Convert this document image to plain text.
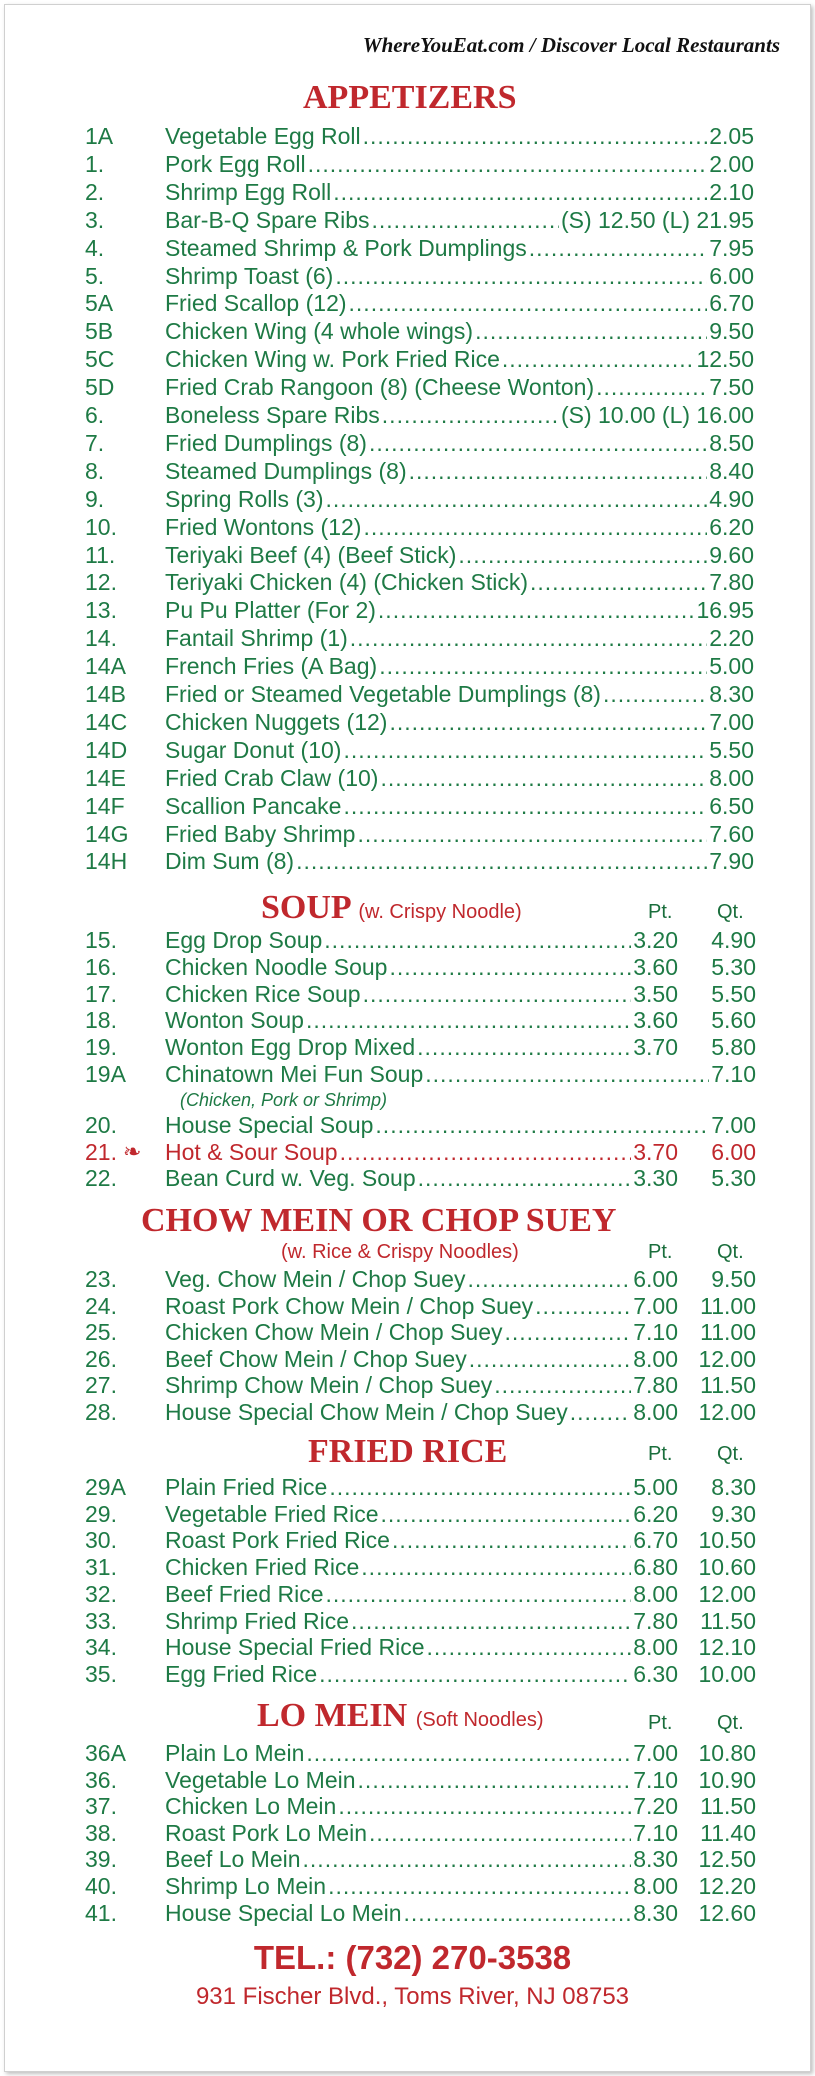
WhereYouEat.com / Discover Local Restaurants
APPETIZERS
1A Vegetable Egg Roll .....	2.05
1.	Pork Egg Roll .....	2.00
2.	Shrimp Egg Roll .....	2.10
3.	Bar-B-Q Spare Ribs .....	(S) 12.50 (L) 21.95
4.	Steamed Shrimp & Pork Dumplings .....	7.95
5.	Shrimp Toast (6) .....	6.00
5A Fried Scallop (12) .....	6.70
5B Chicken Wing (4 whole wings) .....	9.50
5C Chicken Wing w. Pork Fried Rice .....	12.50
5D Fried Crab Rangoon (8) (Cheese Wonton) .....	7.50
6.	Boneless Spare Ribs .....	(S) 10.00 (L) 16.00
7.	Fried Dumplings (8) .....	8.50
8.	Steamed Dumplings (8) .....	8.40
9.	Spring Rolls (3) .....	4.90
10. Fried Wontons (12) .....	6.20
11. Teriyaki Beef (4) (Beef Stick) .....	9.60
12. Teriyaki Chicken (4) (Chicken Stick) .....	7.80
13. Pu Pu Platter (For 2) .....	16.95
14. Fantail Shrimp (1) .....	2.20
14A French Fries (A Bag) .....	5.00
14B Fried or Steamed Vegetable Dumplings (8) .....	8.30
14C Chicken Nuggets (12) .....	7.00
14D Sugar Donut (10) .....	5.50
14E Fried Crab Claw (10) .....	8.00
14F Scallion Pancake .....	6.50
14G Fried Baby Shrimp .....	7.60
14H Dim Sum (8) .....	7.90
SOUP (w. Crispy Noodle)	Pt. Qt.
15. Egg Drop Soup .....	3.20	4.90
16. Chicken Noodle Soup .....	3.60	5.30
17. Chicken Rice Soup .....	3.50	5.50
18. Wonton Soup .....	3.60	5.60
19. Wonton Egg Drop Mixed .....	3.70	5.80
19A Chinatown Mei Fun Soup .....	7.10
20. House Special Soup .....	7.00
21. ❧ Hot & Sour Soup .....	3.70	6.00
22. Bean Curd w. Veg. Soup .....	3.30	5.30
(Chicken, Pork or Shrimp)
CHOW MEIN OR CHOP SUEY
(w. Rice & Crispy Noodles)	Pt. Qt.
23. Veg. Chow Mein / Chop Suey .....	6.00	9.50
24. Roast Pork Chow Mein / Chop Suey .....	7.00 11.00
25. Chicken Chow Mein / Chop Suey .....	7.10 11.00
26. Beef Chow Mein / Chop Suey .....	8.00 12.00
27. Shrimp Chow Mein / Chop Suey .....	7.80 11.50
28. House Special Chow Mein / Chop Suey .....	8.00 12.00
FRIED RICE	Pt. Qt.
29A Plain Fried Rice .....	5.00	8.30
29. Vegetable Fried Rice .....	6.20	9.30
30. Roast Pork Fried Rice .....	6.70 10.50
31. Chicken Fried Rice .....	6.80 10.60
32. Beef Fried Rice .....	8.00 12.00
33. Shrimp Fried Rice .....	7.80 11.50
34. House Special Fried Rice .....	8.00 12.10
35. Egg Fried Rice .....	6.30 10.00
LO MEIN (Soft Noodles)	Pt. Qt.
36A Plain Lo Mein .....	7.00 10.80
36. Vegetable Lo Mein .....	7.10 10.90
37. Chicken Lo Mein .....	7.20 11.50
38. Roast Pork Lo Mein .....	7.10 11.40
39. Beef Lo Mein .....	8.30 12.50
40. Shrimp Lo Mein .....	8.00 12.20
41. House Special Lo Mein .....	8.30 12.60
TEL.: (732) 270-3538
931 Fischer Blvd., Toms River, NJ 08753
